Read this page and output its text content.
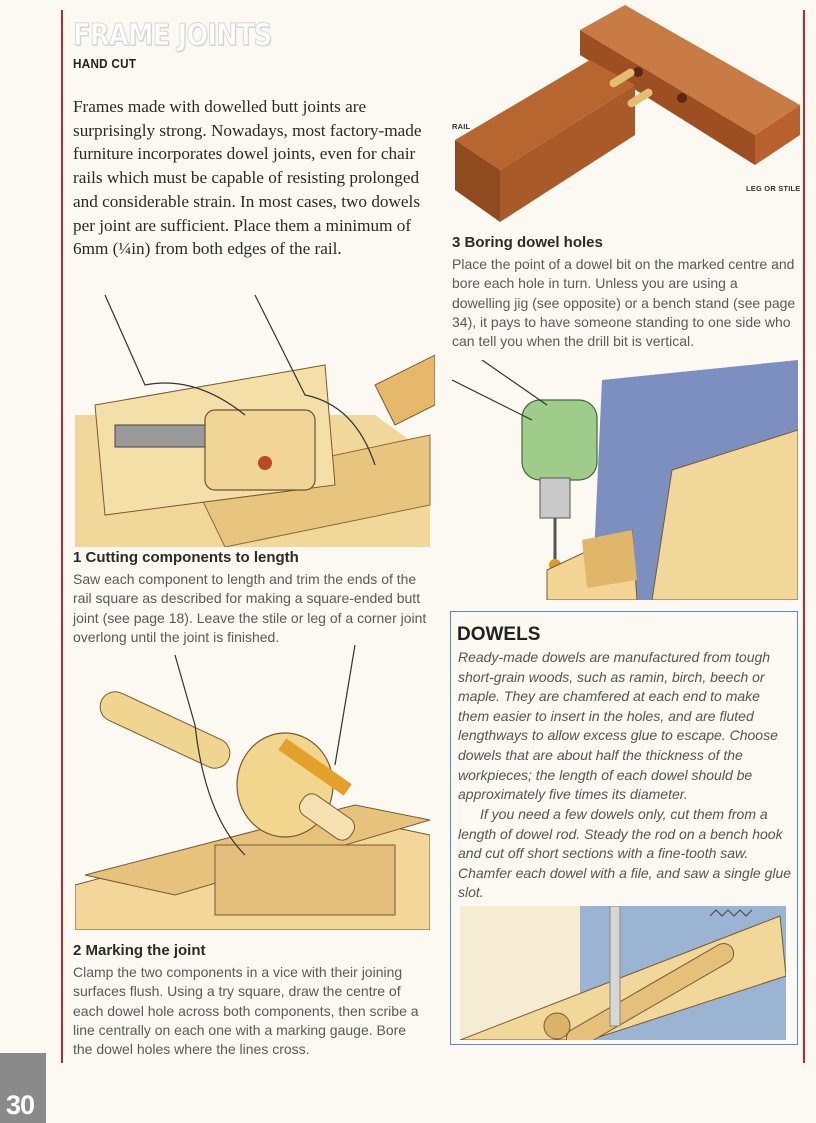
FRAME JOINTS
HAND CUT
Frames made with dowelled butt joints are surprisingly strong. Nowadays, most factory-made furniture incorporates dowel joints, even for chair rails which must be capable of resisting prolonged and considerable strain. In most cases, two dowels per joint are sufficient. Place them a minimum of 6mm (¼in) from both edges of the rail.
RAIL
LEG OR STILE
3 Boring dowel holes
Place the point of a dowel bit on the marked centre and bore each hole in turn. Unless you are using a dowelling jig (see opposite) or a bench stand (see page 34), it pays to have someone standing to one side who can tell you when the drill bit is vertical.
1 Cutting components to length
Saw each component to length and trim the ends of the rail square as described for making a square-ended butt joint (see page 18). Leave the stile or leg of a corner joint overlong until the joint is finished.
2 Marking the joint
Clamp the two components in a vice with their joining surfaces flush. Using a try square, draw the centre of each dowel hole across both components, then scribe a line centrally on each one with a marking gauge. Bore the dowel holes where the lines cross.
DOWELS
Ready-made dowels are manufactured from tough short-grain woods, such as ramin, birch, beech or maple. They are chamfered at each end to make them easier to insert in the holes, and are fluted lengthways to allow excess glue to escape. Choose dowels that are about half the thickness of the workpieces; the length of each dowel should be approximately five times its diameter.
If you need a few dowels only, cut them from a length of dowel rod. Steady the rod on a bench hook and cut off short sections with a fine-tooth saw. Chamfer each dowel with a file, and saw a single glue slot.
30
